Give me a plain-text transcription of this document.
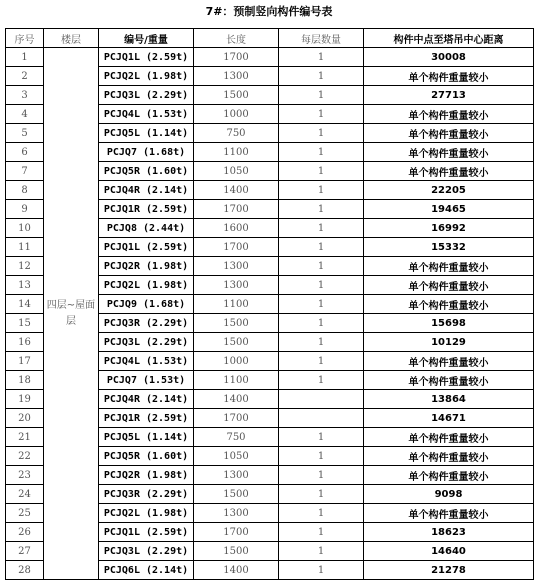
7#：预制竖向构件编号表
序号	楼层	编号/重量	长度	每层数量	构件中点至塔吊中心距离
1	四层~屋面层	PCJQ1L (2.59t)	1700	1	30008
2		PCJQ2L (1.98t)	1300	1	单个构件重量较小
3		PCJQ3L (2.29t)	1500	1	27713
4		PCJQ4L (1.53t)	1000	1	单个构件重量较小
5		PCJQ5L (1.14t)	750	1	单个构件重量较小
6		PCJQ7 (1.68t)	1100	1	单个构件重量较小
7		PCJQ5R (1.60t)	1050	1	单个构件重量较小
8		PCJQ4R (2.14t)	1400	1	22205
9		PCJQ1R (2.59t)	1700	1	19465
10		PCJQ8 (2.44t)	1600	1	16992
11		PCJQ1L (2.59t)	1700	1	15332
12		PCJQ2R (1.98t)	1300	1	单个构件重量较小
13		PCJQ2L (1.98t)	1300	1	单个构件重量较小
14		PCJQ9 (1.68t)	1100	1	单个构件重量较小
15		PCJQ3R (2.29t)	1500	1	15698
16		PCJQ3L (2.29t)	1500	1	10129
17		PCJQ4L (1.53t)	1000	1	单个构件重量较小
18		PCJQ7 (1.53t)	1100	1	单个构件重量较小
19		PCJQ4R (2.14t)	1400		13864
20		PCJQ1R (2.59t)	1700		14671
21		PCJQ5L (1.14t)	750	1	单个构件重量较小
22		PCJQ5R (1.60t)	1050	1	单个构件重量较小
23		PCJQ2R (1.98t)	1300	1	单个构件重量较小
24		PCJQ3R (2.29t)	1500	1	9098
25		PCJQ2L (1.98t)	1300	1	单个构件重量较小
26		PCJQ1L (2.59t)	1700	1	18623
27		PCJQ3L (2.29t)	1500	1	14640
28		PCJQ6L (2.14t)	1400	1	21278
